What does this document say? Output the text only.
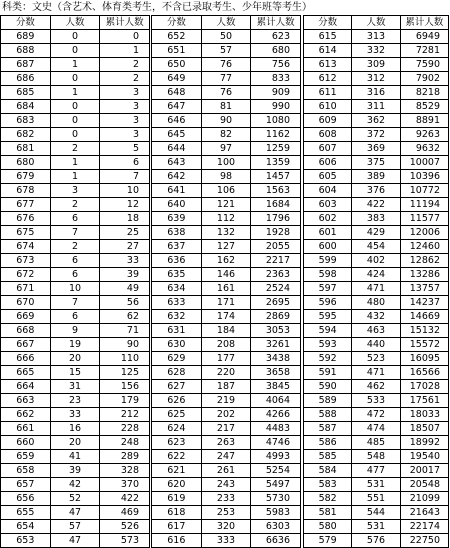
科类：文史（含艺术、体育类考生，不含已录取考生、少年班等考生）
分数	人数	累计人数
689	0	0
688	0	1
687	1	2
686	0	2
685	1	3
684	0	3
683	0	3
682	0	3
681	2	5
680	1	6
679	1	7
678	3	10
677	2	12
676	6	18
675	7	25
674	2	27
673	6	33
672	6	39
671	10	49
670	7	56
669	6	62
668	9	71
667	19	90
666	20	110
665	15	125
664	31	156
663	23	179
662	33	212
661	16	228
660	20	248
659	41	289
658	39	328
657	42	370
656	52	422
655	47	469
654	57	526
653	47	573
分数	人数	累计人数
652	50	623
651	57	680
650	76	756
649	77	833
648	76	909
647	81	990
646	90	1080
645	82	1162
644	97	1259
643	100	1359
642	98	1457
641	106	1563
640	121	1684
639	112	1796
638	132	1928
637	127	2055
636	162	2217
635	146	2363
634	161	2524
633	171	2695
632	174	2869
631	184	3053
630	208	3261
629	177	3438
628	220	3658
627	187	3845
626	219	4064
625	202	4266
624	217	4483
623	263	4746
622	247	4993
621	261	5254
620	243	5497
619	233	5730
618	253	5983
617	320	6303
616	333	6636
分数	人数	累计人数
615	313	6949
614	332	7281
613	309	7590
612	312	7902
611	316	8218
610	311	8529
609	362	8891
608	372	9263
607	369	9632
606	375	10007
605	389	10396
604	376	10772
603	422	11194
602	383	11577
601	429	12006
600	454	12460
599	402	12862
598	424	13286
597	471	13757
596	480	14237
595	432	14669
594	463	15132
593	440	15572
592	523	16095
591	471	16566
590	462	17028
589	533	17561
588	472	18033
587	474	18507
586	485	18992
585	548	19540
584	477	20017
583	531	20548
582	551	21099
581	544	21643
580	531	22174
579	576	22750
